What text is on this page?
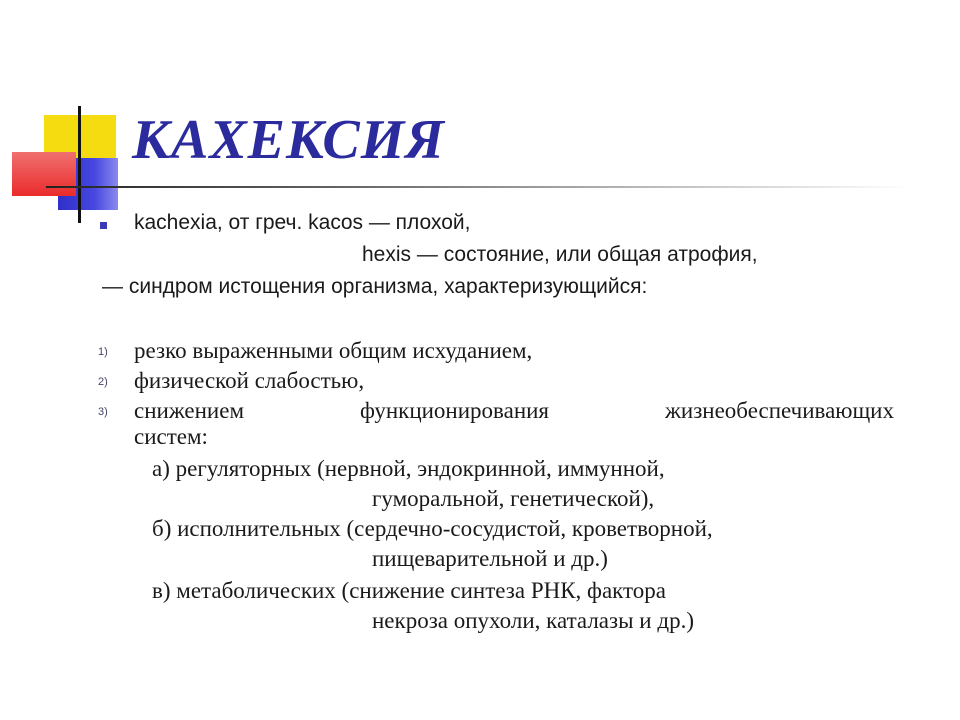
КАХЕКСИЯ
kachexia, от греч. kacos — плохой,
hexis — состояние, или общая атрофия,
— синдром истощения организма, характеризующийся:
1) резко выраженными общим исхуданием,
2) физической слабостью,
3) снижением	функционирования	жизнеобеспечивающих
систем:
а) регуляторных (нервной, эндокринной, иммунной,
гуморальной, генетической),
б) исполнительных (сердечно-сосудистой, кроветворной,
пищеварительной и др.)
в) метаболических (снижение синтеза РНК, фактора
некроза опухоли, каталазы и др.)
